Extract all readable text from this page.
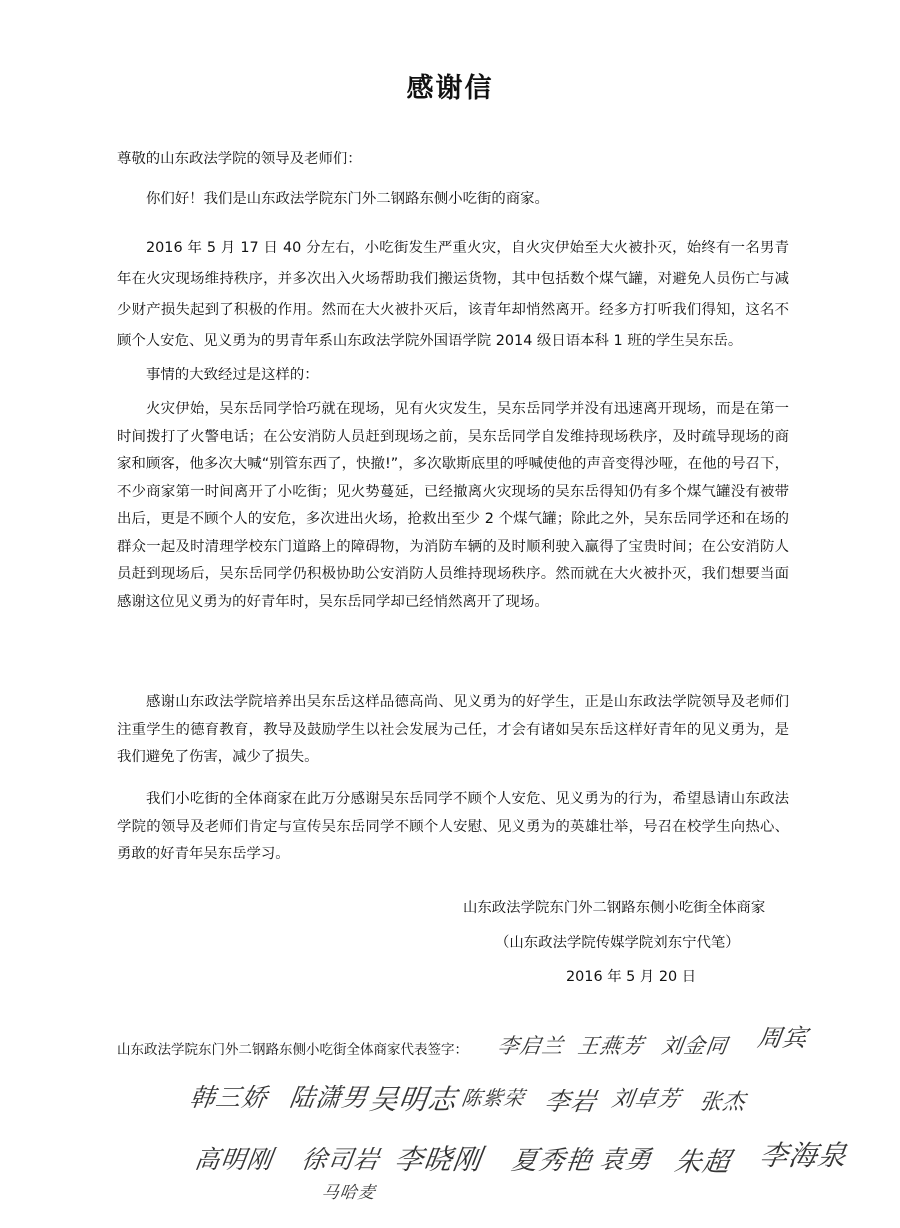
感谢信
尊敬的山东政法学院的领导及老师们：
你们好！我们是山东政法学院东门外二钢路东侧小吃街的商家。
2016 年 5 月 17 日 40 分左右，小吃街发生严重火灾，自火灾伊始至大火被扑灭，始终有一名男青年在火灾现场维持秩序，并多次出入火场帮助我们搬运货物，其中包括数个煤气罐，对避免人员伤亡与减少财产损失起到了积极的作用。然而在大火被扑灭后，该青年却悄然离开。经多方打听我们得知，这名不顾个人安危、见义勇为的男青年系山东政法学院外国语学院 2014 级日语本科 1 班的学生吴东岳。
事情的大致经过是这样的：
火灾伊始，吴东岳同学恰巧就在现场，见有火灾发生，吴东岳同学并没有迅速离开现场，而是在第一时间拨打了火警电话；在公安消防人员赶到现场之前，吴东岳同学自发维持现场秩序，及时疏导现场的商家和顾客，他多次大喊“别管东西了，快撤!”，多次歇斯底里的呼喊使他的声音变得沙哑，在他的号召下，不少商家第一时间离开了小吃街；见火势蔓延，已经撤离火灾现场的吴东岳得知仍有多个煤气罐没有被带出后，更是不顾个人的安危，多次进出火场，抢救出至少 2 个煤气罐；除此之外，吴东岳同学还和在场的群众一起及时清理学校东门道路上的障碍物，为消防车辆的及时顺利驶入赢得了宝贵时间；在公安消防人员赶到现场后，吴东岳同学仍积极协助公安消防人员维持现场秩序。然而就在大火被扑灭，我们想要当面感谢这位见义勇为的好青年时，吴东岳同学却已经悄然离开了现场。
感谢山东政法学院培养出吴东岳这样品德高尚、见义勇为的好学生，正是山东政法学院领导及老师们注重学生的德育教育，教导及鼓励学生以社会发展为己任，才会有诸如吴东岳这样好青年的见义勇为，是我们避免了伤害，减少了损失。
我们小吃街的全体商家在此万分感谢吴东岳同学不顾个人安危、见义勇为的行为，希望恳请山东政法学院的领导及老师们肯定与宣传吴东岳同学不顾个人安慰、见义勇为的英雄壮举，号召在校学生向热心、勇敢的好青年吴东岳学习。
山东政法学院东门外二钢路东侧小吃街全体商家
（山东政法学院传媒学院刘东宁代笔）
2016 年 5 月 20 日
山东政法学院东门外二钢路东侧小吃街全体商家代表签字： 李启兰 王燕芳 刘金同 周宾
韩三娇 陆潇男
吴明志 陈紫荣 李岩 刘卓芳 张杰
高明刚 徐司岩 李晓刚 夏秀艳 袁勇 朱超 李海泉
马哈麦
